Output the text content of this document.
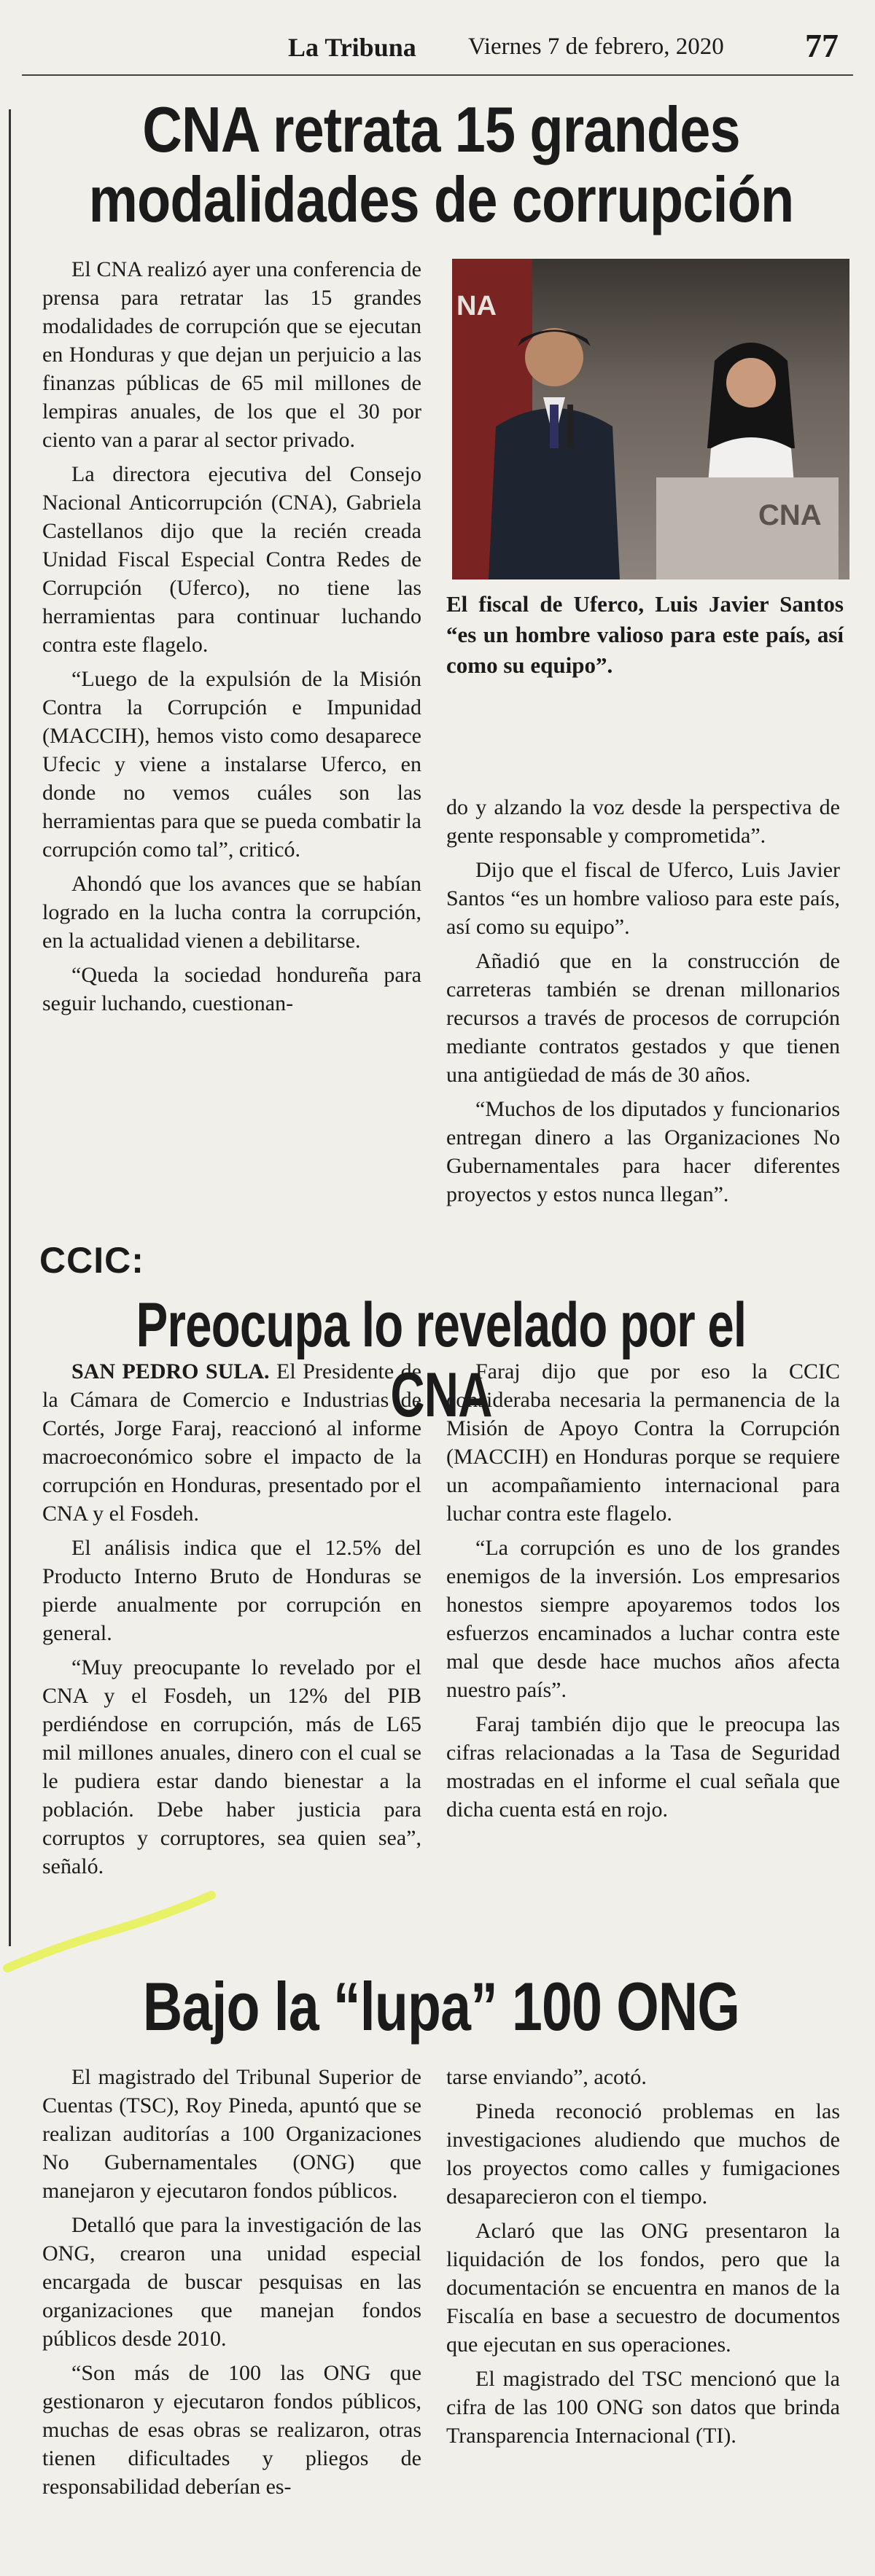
La Tribuna Viernes 7 de febrero, 2020 77
CNA retrata 15 grandes modalidades de corrupción

El CNA realizó ayer una conferencia de prensa para retratar las 15 grandes modalidades de corrupción que se ejecutan en Honduras y que dejan un perjuicio a las finanzas públicas de 65 mil millones de lempiras anuales, de los que el 30 por ciento van a parar al sector privado.

La directora ejecutiva del Consejo Nacional Anticorrupción (CNA), Gabriela Castellanos dijo que la recién creada Unidad Fiscal Especial Contra Redes de Corrupción (Uferco), no tiene las herramientas para continuar luchando contra este flagelo.

“Luego de la expulsión de la Misión Contra la Corrupción e Impunidad (MACCIH), hemos visto como desaparece Ufecic y viene a instalarse Uferco, en donde no vemos cuáles son las herramientas para que se pueda combatir la corrupción como tal”, criticó.

Ahondó que los avances que se habían logrado en la lucha contra la corrupción, en la actualidad vienen a debilitarse.

“Queda la sociedad hondureña para seguir luchando, cuestionan-

NA
CNA
El fiscal de Uferco, Luis Javier Santos “es un hombre valioso para este país, así como su equipo”.

do y alzando la voz desde la perspectiva de gente responsable y comprometida”.

Dijo que el fiscal de Uferco, Luis Javier Santos “es un hombre valioso para este país, así como su equipo”.

Añadió que en la construcción de carreteras también se drenan millonarios recursos a través de procesos de corrupción mediante contratos gestados y que tienen una antigüedad de más de 30 años.

“Muchos de los diputados y funcionarios entregan dinero a las Organizaciones No Gubernamentales para hacer diferentes proyectos y estos nunca llegan”.

CCIC:
Preocupa lo revelado por el CNA

SAN PEDRO SULA. El Presidente de la Cámara de Comercio e Industrias de Cortés, Jorge Faraj, reaccionó al informe macroeconómico sobre el impacto de la corrupción en Honduras, presentado por el CNA y el Fosdeh.

El análisis indica que el 12.5% del Producto Interno Bruto de Honduras se pierde anualmente por corrupción en general.

“Muy preocupante lo revelado por el CNA y el Fosdeh, un 12% del PIB perdiéndose en corrupción, más de L65 mil millones anuales, dinero con el cual se le pudiera estar dando bienestar a la población. Debe haber justicia para corruptos y corruptores, sea quien sea”, señaló.

Faraj dijo que por eso la CCIC consideraba necesaria la permanencia de la Misión de Apoyo Contra la Corrupción (MACCIH) en Honduras porque se requiere un acompañamiento internacional para luchar contra este flagelo.

“La corrupción es uno de los grandes enemigos de la inversión. Los empresarios honestos siempre apoyaremos todos los esfuerzos encaminados a luchar contra este mal que desde hace muchos años afecta nuestro país”.

Faraj también dijo que le preocupa las cifras relacionadas a la Tasa de Seguridad mostradas en el informe el cual señala que dicha cuenta está en rojo.

Bajo la “lupa” 100 ONG

El magistrado del Tribunal Superior de Cuentas (TSC), Roy Pineda, apuntó que se realizan auditorías a 100 Organizaciones No Gubernamentales (ONG) que manejaron y ejecutaron fondos públicos.

Detalló que para la investigación de las ONG, crearon una unidad especial encargada de buscar pesquisas en las organizaciones que manejan fondos públicos desde 2010.

“Son más de 100 las ONG que gestionaron y ejecutaron fondos públicos, muchas de esas obras se realizaron, otras tienen dificultades y pliegos de responsabilidad deberían es-

tarse enviando”, acotó.

Pineda reconoció problemas en las investigaciones aludiendo que muchos de los proyectos como calles y fumigaciones desaparecieron con el tiempo.

Aclaró que las ONG presentaron la liquidación de los fondos, pero que la documentación se encuentra en manos de la Fiscalía en base a secuestro de documentos que ejecutan en sus operaciones.

El magistrado del TSC mencionó que la cifra de las 100 ONG son datos que brinda Transparencia Internacional (TI).
